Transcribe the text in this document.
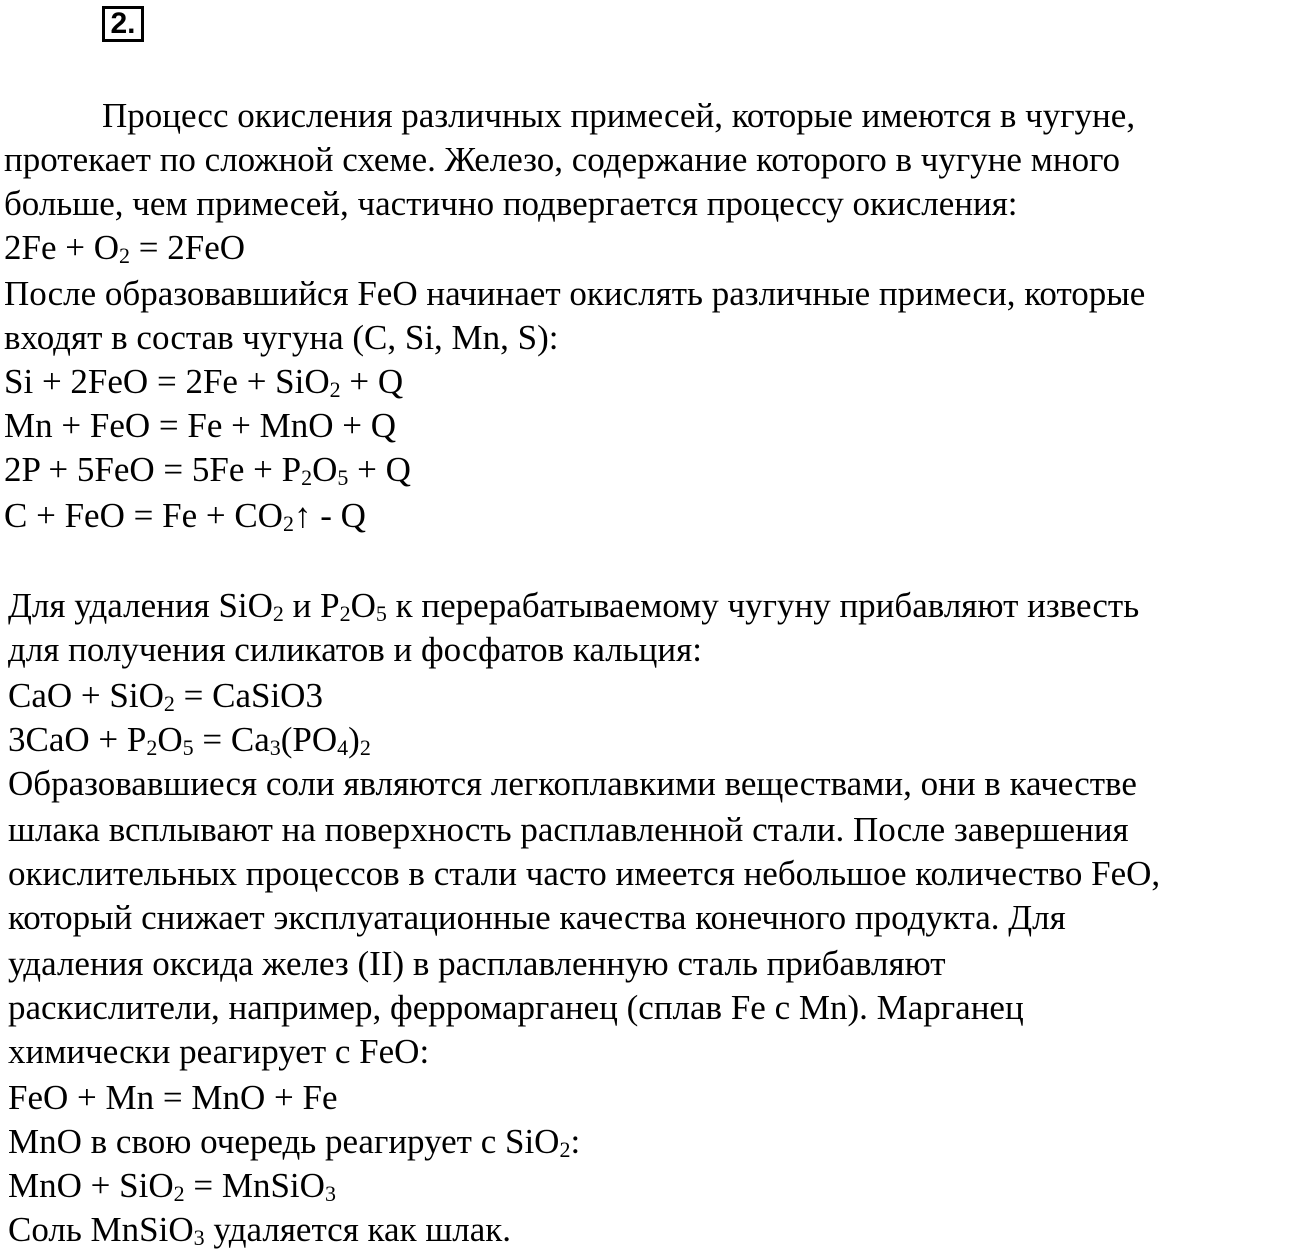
2.
Процесс окисления различных примесей, которые имеются в чугуне,
протекает по сложной схеме. Железо, содержание которого в чугуне много
больше, чем примесей, частично подвергается процессу окисления:
$2Fe + O_2 = 2FeO$
После образовавшийся FeO начинает окислять различные примеси, которые
входят в состав чугуна (C, Si, Mn, S):
Si + 2FeO = 2Fe + SiO$_2$ + Q
Mn + FeO = Fe + MnO + Q
$2P + 5FeO = 5Fe + P_2O_5 + Q$
C + FeO = $Fe + CO_2↑ - Q$
Для удаления SiO$_2$ и $P_2O_5$ к перерабатываемому чугуну прибавляют известь
для получения силикатов и фосфатов кальция:
CaO + SiO$_2$ = CaSiO3
$3CaO + P_2O_5 = Ca_3(PO_4)_2$
Образовавшиеся соли являются легкоплавкими веществами, они в качестве
шлака всплывают на поверхность расплавленной стали. После завершения
окислительных процессов в стали часто имеется небольшое количество FeO,
который снижает эксплуатационные качества конечного продукта. Для
удаления оксида желез (II) в расплавленную сталь прибавляют
раскислители, например, ферромарганец (сплав Fe с Mn). Марганец
химически реагирует с FeO:
FeO + Mn = MnO + Fe
MnO в свою очередь реагирует с SiO$_2$:
MnO + SiO$_2$ = MnSiO$_3$
Соль MnSiO$_3$ удаляется как шлак.
